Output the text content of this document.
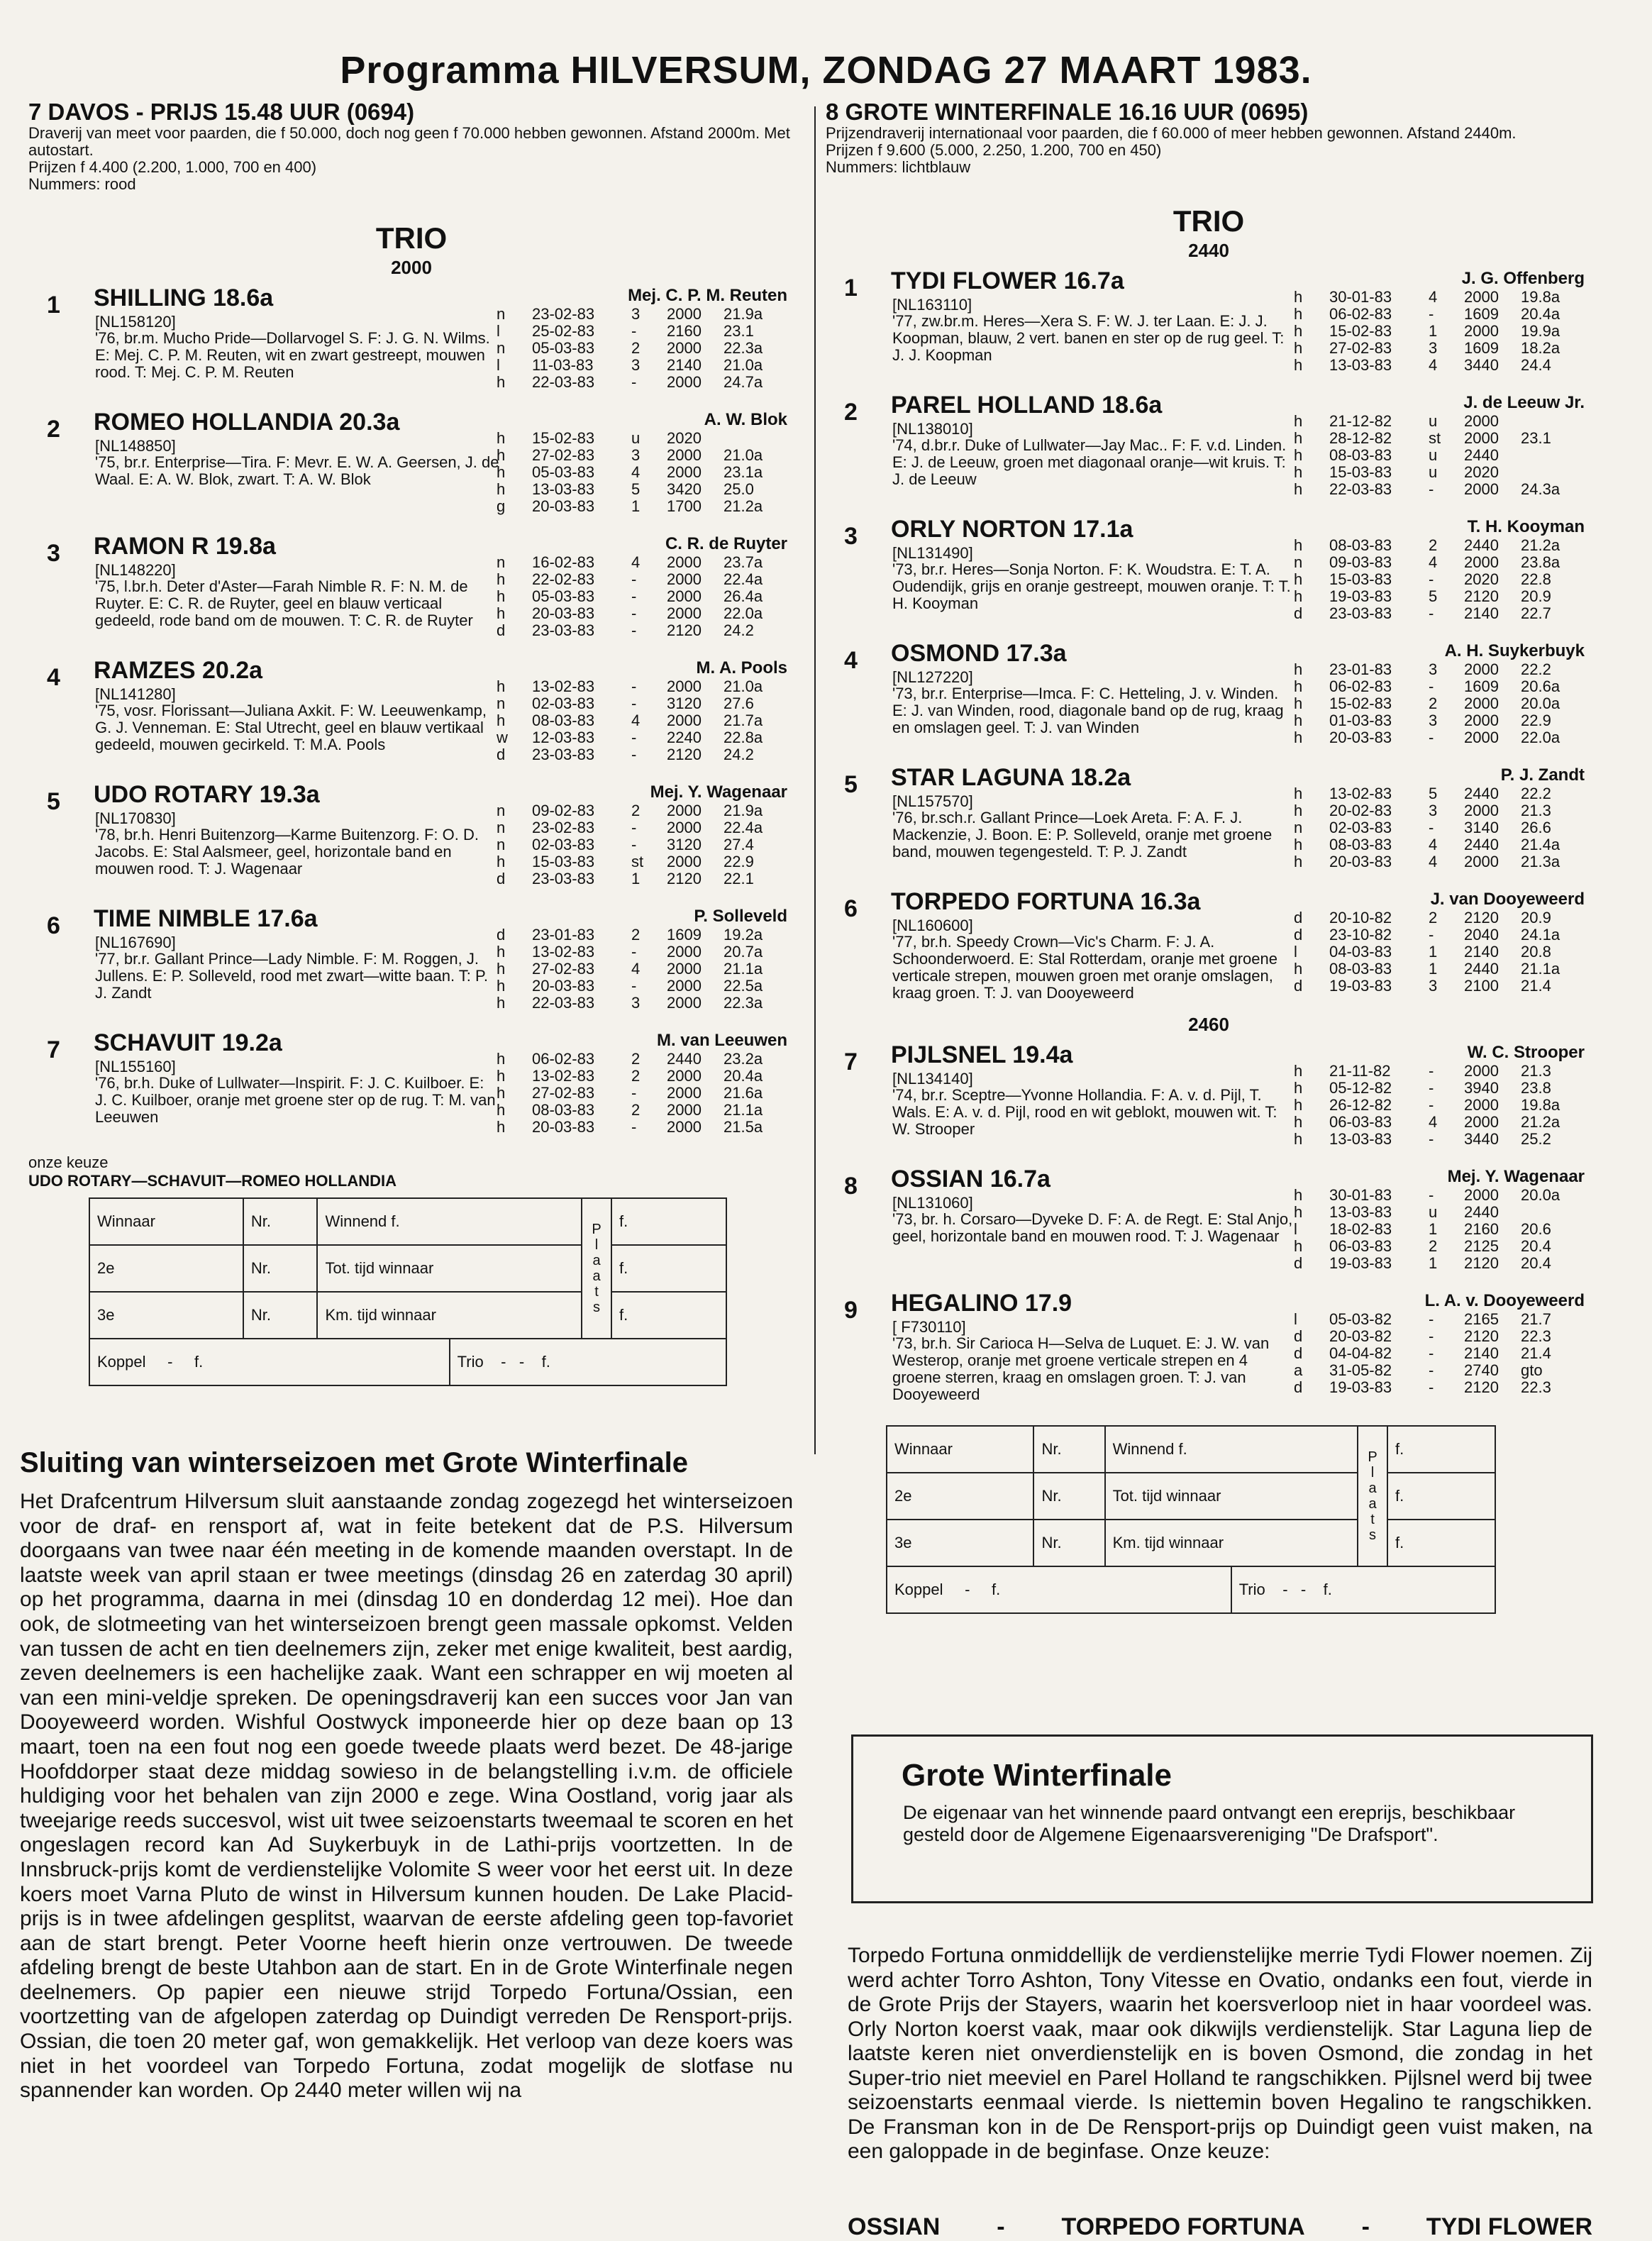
Programma HILVERSUM, ZONDAG 27 MAART 1983.
7 DAVOS - PRIJS 15.48 UUR (0694)
Draverij van meet voor paarden, die f 50.000, doch nog geen f 70.000 hebben gewonnen. Afstand 2000m. Met autostart.
Prijzen f 4.400 (2.200, 1.000, 700 en 400)
Nummers: rood
TRIO
2000
1 SHILLING 18.6a
[NL158120]
'76, br.m. Mucho Pride—Dollarvogel S. F: J. G. N. Wilms. E: Mej. C. P. M. Reuten, wit en zwart gestreept, mouwen rood. T: Mej. C. P. M. Reuten
Mej. C. P. M. Reuten
n	23-02-83	3	2000	21.9a
l	25-02-83	-	2160	23.1
n	05-03-83	2	2000	22.3a
l	11-03-83	3	2140	21.0a
h	22-03-83	-	2000	24.7a
2 ROMEO HOLLANDIA 20.3a
[NL148850]
'75, br.r. Enterprise—Tira. F: Mevr. E. W. A. Geersen, J. de Waal. E: A. W. Blok, zwart. T: A. W. Blok
A. W. Blok
h	15-02-83	u	2020
h	27-02-83	3	2000	21.0a
h	05-03-83	4	2000	23.1a
h	13-03-83	5	3420	25.0
g	20-03-83	1	1700	21.2a
3 RAMON R 19.8a
[NL148220]
'75, l.br.h. Deter d'Aster—Farah Nimble R. F: N. M. de Ruyter. E: C. R. de Ruyter, geel en blauw verticaal gedeeld, rode band om de mouwen. T: C. R. de Ruyter
C. R. de Ruyter
n	16-02-83	4	2000	23.7a
h	22-02-83	-	2000	22.4a
h	05-03-83	-	2000	26.4a
h	20-03-83	-	2000	22.0a
d	23-03-83	-	2120	24.2
4 RAMZES 20.2a
[NL141280]
'75, vosr. Florissant—Juliana Axkit. F: W. Leeuwenkamp, G. J. Venneman. E: Stal Utrecht, geel en blauw vertikaal gedeeld, mouwen gecirkeld. T: M.A. Pools
M. A. Pools
h	13-02-83	-	2000	21.0a
n	02-03-83	-	3120	27.6
h	08-03-83	4	2000	21.7a
w	12-03-83	-	2240	22.8a
d	23-03-83	-	2120	24.2
5 UDO ROTARY 19.3a
[NL170830]
'78, br.h. Henri Buitenzorg—Karme Buitenzorg. F: O. D. Jacobs. E: Stal Aalsmeer, geel, horizontale band en mouwen rood. T: J. Wagenaar
Mej. Y. Wagenaar
n	09-02-83	2	2000	21.9a
n	23-02-83	-	2000	22.4a
n	02-03-83	-	3120	27.4
h	15-03-83	st	2000	22.9
d	23-03-83	1	2120	22.1
6 TIME NIMBLE 17.6a
[NL167690]
'77, br.r. Gallant Prince—Lady Nimble. F: M. Roggen, J. Jullens. E: P. Solleveld, rood met zwart—witte baan. T: P. J. Zandt
P. Solleveld
d	23-01-83	2	1609	19.2a
h	13-02-83	-	2000	20.7a
h	27-02-83	4	2000	21.1a
h	20-03-83	-	2000	22.5a
h	22-03-83	3	2000	22.3a
7 SCHAVUIT 19.2a
[NL155160]
'76, br.h. Duke of Lullwater—Inspirit. F: J. C. Kuilboer. E: J. C. Kuilboer, oranje met groene ster op de rug. T: M. van Leeuwen
M. van Leeuwen
h	06-02-83	2	2440	23.2a
h	13-02-83	2	2000	20.4a
h	27-02-83	-	2000	21.6a
h	08-03-83	2	2000	21.1a
h	20-03-83	-	2000	21.5a
onze keuze
UDO ROTARY—SCHAVUIT—ROMEO HOLLANDIA
Winnaar	Nr.	Winnend f.		P l a a t s	f.
2e	Nr.	Tot. tijd winnaar			f.
3e	Nr.	Km. tijd winnaar			f.
Koppel - f.			Trio - - f.		
8 GROTE WINTERFINALE 16.16 UUR (0695)
Prijzendraverij internationaal voor paarden, die f 60.000 of meer hebben gewonnen. Afstand 2440m.
Prijzen f 9.600 (5.000, 2.250, 1.200, 700 en 450)
Nummers: lichtblauw
TRIO
2440
1 TYDI FLOWER 16.7a
[NL163110]
'77, zw.br.m. Heres—Xera S. F: W. J. ter Laan. E: J. J. Koopman, blauw, 2 vert. banen en ster op de rug geel. T: J. J. Koopman
J. G. Offenberg
h	30-01-83	4	2000	19.8a
h	06-02-83	-	1609	20.4a
h	15-02-83	1	2000	19.9a
h	27-02-83	3	1609	18.2a
h	13-03-83	4	3440	24.4
2 PAREL HOLLAND 18.6a
[NL138010]
'74, d.br.r. Duke of Lullwater—Jay Mac.. F: F. v.d. Linden. E: J. de Leeuw, groen met diagonaal oranje—wit kruis. T: J. de Leeuw
J. de Leeuw Jr.
h	21-12-82	u	2000
h	28-12-82	st	2000	23.1
h	08-03-83	u	2440
h	15-03-83	u	2020
h	22-03-83	-	2000	24.3a
3 ORLY NORTON 17.1a
[NL131490]
'73, br.r. Heres—Sonja Norton. F: K. Woudstra. E: T. A. Oudendijk, grijs en oranje gestreept, mouwen oranje. T: T. H. Kooyman
T. H. Kooyman
h	08-03-83	2	2440	21.2a
n	09-03-83	4	2000	23.8a
h	15-03-83	-	2020	22.8
h	19-03-83	5	2120	20.9
d	23-03-83	-	2140	22.7
4 OSMOND 17.3a
[NL127220]
'73, br.r. Enterprise—Imca. F: C. Hetteling, J. v. Winden. E: J. van Winden, rood, diagonale band op de rug, kraag en omslagen geel. T: J. van Winden
A. H. Suykerbuyk
h	23-01-83	3	2000	22.2
h	06-02-83	-	1609	20.6a
h	15-02-83	2	2000	20.0a
h	01-03-83	3	2000	22.9
h	20-03-83	-	2000	22.0a
5 STAR LAGUNA 18.2a
[NL157570]
'76, br.sch.r. Gallant Prince—Loek Areta. F: A. F. J. Mackenzie, J. Boon. E: P. Solleveld, oranje met groene band, mouwen tegengesteld. T: P. J. Zandt
P. J. Zandt
h	13-02-83	5	2440	22.2
h	20-02-83	3	2000	21.3
n	02-03-83	-	3140	26.6
h	08-03-83	4	2440	21.4a
h	20-03-83	4	2000	21.3a
6 TORPEDO FORTUNA 16.3a
[NL160600]
'77, br.h. Speedy Crown—Vic's Charm. F: J. A. Schoonderwoerd. E: Stal Rotterdam, oranje met groene verticale strepen, mouwen groen met oranje omslagen, kraag groen. T: J. van Dooyeweerd
J. van Dooyeweerd
d	20-10-82	2	2120	20.9
d	23-10-82	-	2040	24.1a
l	04-03-83	1	2140	20.8
h	08-03-83	1	2440	21.1a
d	19-03-83	3	2100	21.4
2460
7 PIJLSNEL 19.4a
[NL134140]
'74, br.r. Sceptre—Yvonne Hollandia. F: A. v. d. Pijl, T. Wals. E: A. v. d. Pijl, rood en wit geblokt, mouwen wit. T: W. Strooper
W. C. Strooper
h	21-11-82	-	2000	21.3
h	05-12-82	-	3940	23.8
h	26-12-82	-	2000	19.8a
h	06-03-83	4	2000	21.2a
h	13-03-83	-	3440	25.2
8 OSSIAN 16.7a
[NL131060]
'73, br. h. Corsaro—Dyveke D. F: A. de Regt. E: Stal Anjo, geel, horizontale band en mouwen rood. T: J. Wagenaar
Mej. Y. Wagenaar
h	30-01-83	-	2000	20.0a
h	13-03-83	u	2440
l	18-02-83	1	2160	20.6
h	06-03-83	2	2125	20.4
d	19-03-83	1	2120	20.4
9 HEGALINO 17.9
[ F730110]
'73, br.h. Sir Carioca H—Selva de Luquet. E: J. W. van Westerop, oranje met groene verticale strepen en 4 groene sterren, kraag en omslagen groen. T: J. van Dooyeweerd
L. A. v. Dooyeweerd
l	05-03-82	-	2165	21.7
d	20-03-82	-	2120	22.3
d	04-04-82	-	2140	21.4
a	31-05-82	-	2740	gto
d	19-03-83	-	2120	22.3
Winnaar	Nr.	Winnend f.		P l a a t s	f.
2e	Nr.	Tot. tijd winnaar			f.
3e	Nr.	Km. tijd winnaar			f.
Koppel - f.			Trio - - f.		
Sluiting van winterseizoen met Grote Winterfinale
Het Drafcentrum Hilversum sluit aanstaande zondag zogezegd het winterseizoen voor de draf- en rensport af, wat in feite betekent dat de P.S. Hilversum doorgaans van twee naar één meeting in de komende maanden overstapt. In de laatste week van april staan er twee meetings (dinsdag 26 en zaterdag 30 april) op het programma, daarna in mei (dinsdag 10 en donderdag 12 mei). Hoe dan ook, de slotmeeting van het winterseizoen brengt geen massale opkomst. Velden van tussen de acht en tien deelnemers zijn, zeker met enige kwaliteit, best aardig, zeven deelnemers is een hachelijke zaak. Want een schrapper en wij moeten al van een mini-veldje spreken. De openingsdraverij kan een succes voor Jan van Dooyeweerd worden. Wishful Oostwyck imponeerde hier op deze baan op 13 maart, toen na een fout nog een goede tweede plaats werd bezet. De 48-jarige Hoofddorper staat deze middag sowieso in de belangstelling i.v.m. de officiele huldiging voor het behalen van zijn 2000 e zege. Wina Oostland, vorig jaar als tweejarige reeds succesvol, wist uit twee seizoenstarts tweemaal te scoren en het ongeslagen record kan Ad Suykerbuyk in de Lathi-prijs voortzetten. In de Innsbruck-prijs komt de verdienstelijke Volomite S weer voor het eerst uit. In deze koers moet Varna Pluto de winst in Hilversum kunnen houden. De Lake Placid-prijs is in twee afdelingen gesplitst, waarvan de eerste afdeling geen top-favoriet aan de start brengt. Peter Voorne heeft hierin onze vertrouwen. De tweede afdeling brengt de beste Utahbon aan de start. En in de Grote Winterfinale negen deelnemers. Op papier een nieuwe strijd Torpedo Fortuna/Ossian, een voortzetting van de afgelopen zaterdag op Duindigt verreden De Rensport-prijs. Ossian, die toen 20 meter gaf, won gemakkelijk. Het verloop van deze koers was niet in het voordeel van Torpedo Fortuna, zodat mogelijk de slotfase nu spannender kan worden. Op 2440 meter willen wij na
Grote Winterfinale
De eigenaar van het winnende paard ontvangt een ereprijs, beschikbaar gesteld door de Algemene Eigenaarsvereniging "De Drafsport".
Torpedo Fortuna onmiddellijk de verdienstelijke merrie Tydi Flower noemen. Zij werd achter Torro Ashton, Tony Vitesse en Ovatio, ondanks een fout, vierde in de Grote Prijs der Stayers, waarin het koersverloop niet in haar voordeel was. Orly Norton koerst vaak, maar ook dikwijls verdienstelijk. Star Laguna liep de laatste keren niet onverdienstelijk en is boven Osmond, die zondag in het Super-trio niet meeviel en Parel Holland te rangschikken. Pijlsnel werd bij twee seizoenstarts eenmaal vierde. Is niettemin boven Hegalino te rangschikken. De Fransman kon in de De Rensport-prijs op Duindigt geen vuist maken, na een galoppade in de beginfase. Onze keuze:
OSSIAN - TORPEDO FORTUNA - TYDI FLOWER
